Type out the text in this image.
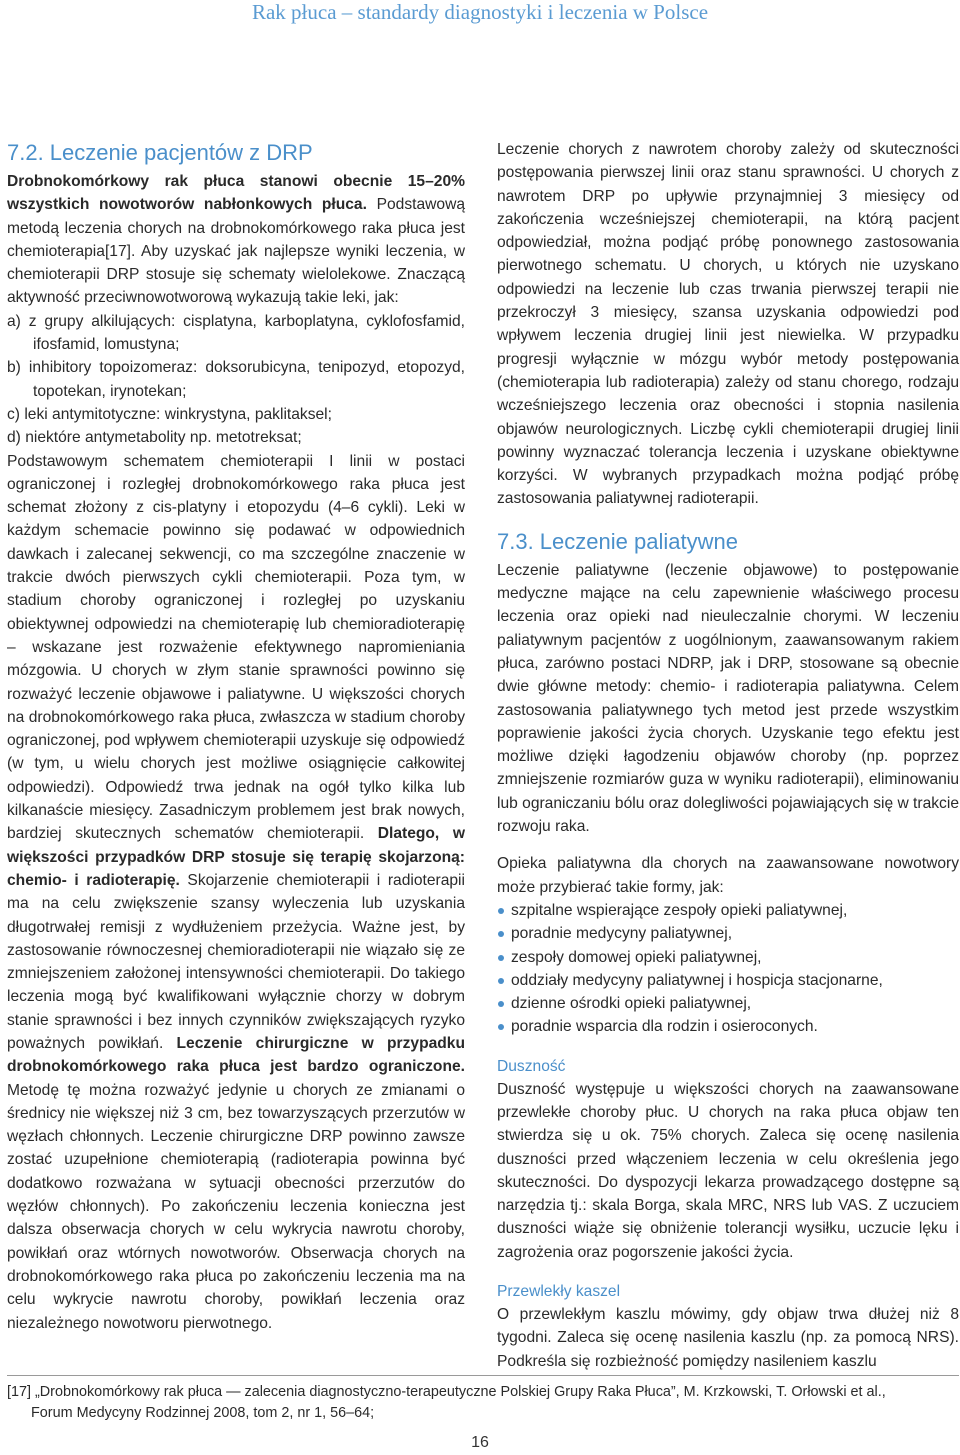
Rak płuca – standardy diagnostyki i leczenia w Polsce
7.2. Leczenie pacjentów z DRP

Drobnokomórkowy rak płuca stanowi obecnie 15–20% wszystkich nowotworów nabłonkowych płuca. Podstawową metodą leczenia chorych na drobnokomórkowego raka płuca jest chemioterapia[17]. Aby uzyskać jak najlepsze wyniki leczenia, w chemioterapii DRP stosuje się schematy wielolekowe. Znaczącą aktywność przeciwnowotworową wykazują takie leki, jak:

a) z grupy alkilujących: cisplatyna, karboplatyna, cyklofosfamid, ifosfamid, lomustyna;

b) inhibitory topoizomeraz: doksorubicyna, tenipozyd, etopozyd, topotekan, irynotekan;

c) leki antymitotyczne: winkrystyna, paklitaksel;

d) niektóre antymetabolity np. metotreksat;

Podstawowym schematem chemioterapii I linii w postaci ograniczonej i rozległej drobnokomórkowego raka płuca jest schemat złożony z cis-platyny i etopozydu (4–6 cykli). Leki w każdym schemacie powinno się podawać w odpowiednich dawkach i zalecanej sekwencji, co ma szczególne znaczenie w trakcie dwóch pierwszych cykli chemioterapii. Poza tym, w stadium choroby ograniczonej i rozległej po uzyskaniu obiektywnej odpowiedzi na chemioterapię lub chemioradioterapię – wskazane jest rozważenie efektywnego napromieniania mózgowia. U chorych w złym stanie sprawności powinno się rozważyć leczenie objawowe i paliatywne. U większości chorych na drobnokomórkowego raka płuca, zwłaszcza w stadium choroby ograniczonej, pod wpływem chemioterapii uzyskuje się odpowiedź (w tym, u wielu chorych jest możliwe osiągnięcie całkowitej odpowiedzi). Odpowiedź trwa jednak na ogół tylko kilka lub kilkanaście miesięcy. Zasadniczym problemem jest brak nowych, bardziej skutecznych schematów chemioterapii. Dlatego, w większości przypadków DRP stosuje się terapię skojarzoną: chemio- i radioterapię. Skojarzenie chemioterapii i radioterapii ma na celu zwiększenie szansy wyleczenia lub uzyskania długotrwałej remisji z wydłużeniem przeżycia. Ważne jest, by zastosowanie równoczesnej chemioradioterapii nie wiązało się ze zmniejszeniem założonej intensywności chemioterapii. Do takiego leczenia mogą być kwalifikowani wyłącznie chorzy w dobrym stanie sprawności i bez innych czynników zwiększających ryzyko poważnych powikłań. Leczenie chirurgiczne w przypadku drobnokomórkowego raka płuca jest bardzo ograniczone. Metodę tę można rozważyć jedynie u chorych ze zmianami o średnicy nie większej niż 3 cm, bez towarzyszących przerzutów w węzłach chłonnych. Leczenie chirurgiczne DRP powinno zawsze zostać uzupełnione chemioterapią (radioterapia powinna być dodatkowo rozważana w sytuacji obecności przerzutów do węzłów chłonnych). Po zakończeniu leczenia konieczna jest dalsza obserwacja chorych w celu wykrycia nawrotu choroby, powikłań oraz wtórnych nowotworów. Obserwacja chorych na drobnokomórkowego raka płuca po zakończeniu leczenia ma na celu wykrycie nawrotu choroby, powikłań leczenia oraz niezależnego nowotworu pierwotnego.

Leczenie chorych z nawrotem choroby zależy od skuteczności postępowania pierwszej linii oraz stanu sprawności. U chorych z nawrotem DRP po upływie przynajmniej 3 miesięcy od zakończenia wcześniejszej chemioterapii, na którą pacjent odpowiedział, można podjąć próbę ponownego zastosowania pierwotnego schematu. U chorych, u których nie uzyskano odpowiedzi na leczenie lub czas trwania pierwszej terapii nie przekroczył 3 miesięcy, szansa uzyskania odpowiedzi pod wpływem leczenia drugiej linii jest niewielka. W przypadku progresji wyłącznie w mózgu wybór metody postępowania (chemioterapia lub radioterapia) zależy od stanu chorego, rodzaju wcześniejszego leczenia oraz obecności i stopnia nasilenia objawów neurologicznych. Liczbę cykli chemioterapii drugiej linii powinny wyznaczać tolerancja leczenia i uzyskane obiektywne korzyści. W wybranych przypadkach można podjąć próbę zastosowania paliatywnej radioterapii.

7.3. Leczenie paliatywne

Leczenie paliatywne (leczenie objawowe) to postępowanie medyczne mające na celu zapewnienie właściwego procesu leczenia oraz opieki nad nieuleczalnie chorymi. W leczeniu paliatywnym pacjentów z uogólnionym, zaawansowanym rakiem płuca, zarówno postaci NDRP, jak i DRP, stosowane są obecnie dwie główne metody: chemio- i radioterapia paliatywna. Celem zastosowania paliatywnego tych metod jest przede wszystkim poprawienie jakości życia chorych. Uzyskanie tego efektu jest możliwe dzięki łagodzeniu objawów choroby (np. poprzez zmniejszenie rozmiarów guza w wyniku radioterapii), eliminowaniu lub ograniczaniu bólu oraz dolegliwości pojawiających się w trakcie rozwoju raka.

Opieka paliatywna dla chorych na zaawansowane nowotwory może przybierać takie formy, jak:

szpitalne wspierające zespoły opieki paliatywnej,
poradnie medycyny paliatywnej,
zespoły domowej opieki paliatywnej,
oddziały medycyny paliatywnej i hospicja stacjonarne,
dzienne ośrodki opieki paliatywnej,
poradnie wsparcia dla rodzin i osieroconych.
Duszność

Duszność występuje u większości chorych na zaawansowane przewlekłe choroby płuc. U chorych na raka płuca objaw ten stwierdza się u ok. 75% chorych. Zaleca się ocenę nasilenia duszności przed włączeniem leczenia w celu określenia jego skuteczności. Do dyspozycji lekarza prowadzącego dostępne są narzędzia tj.: skala Borga, skala MRC, NRS lub VAS. Z uczuciem duszności wiąże się obniżenie tolerancji wysiłku, uczucie lęku i zagrożenia oraz pogorszenie jakości życia.

Przewlekły kaszel

O przewlekłym kaszlu mówimy, gdy objaw trwa dłużej niż 8 tygodni. Zaleca się ocenę nasilenia kaszlu (np. za pomocą NRS). Podkreśla się rozbieżność pomiędzy nasileniem kaszlu

[17] „Drobnokomórkowy rak płuca — zalecenia diagnostyczno-terapeutyczne Polskiej Grupy Raka Płuca”, M. Krzkowski, T. Orłowski et al.,
Forum Medycyny Rodzinnej 2008, tom 2, nr 1, 56–64;
16
